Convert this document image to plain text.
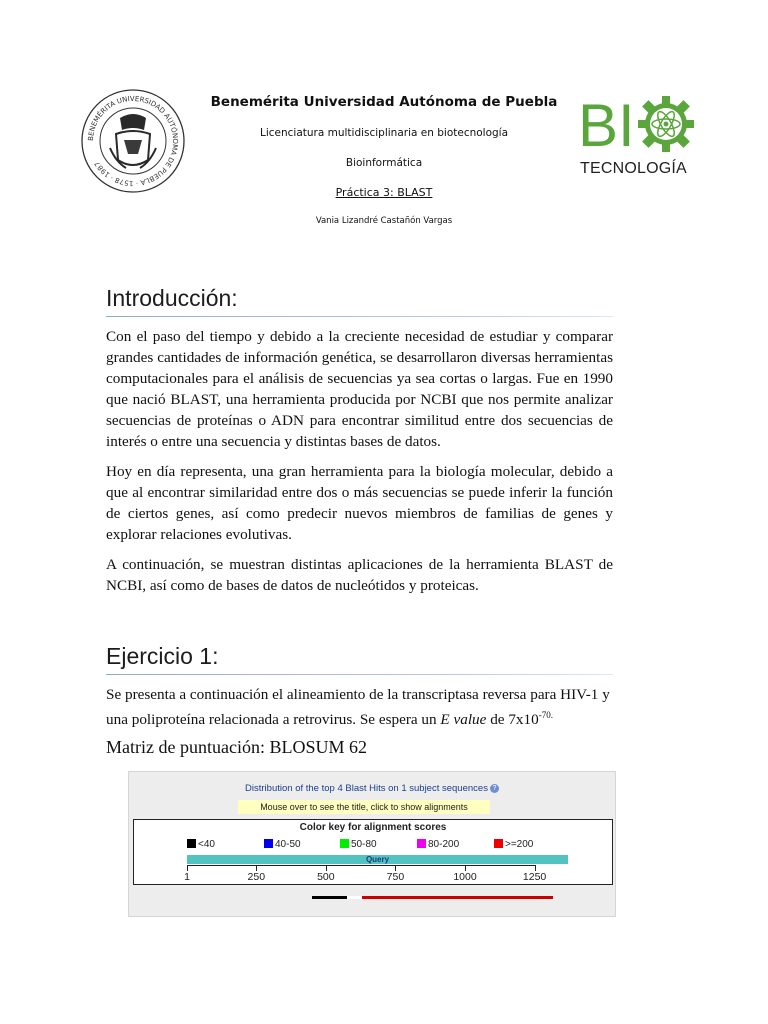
BENEMÉRITA UNIVERSIDAD AUTÓNOMA DE PUEBLA · 1578 · 1987
Benemérita Universidad Autónoma de Puebla
Licenciatura multidisciplinaria en biotecnología
Bioinformática
Práctica 3: BLAST
Vania Lizandré Castañón Vargas
BI
TECNOLOGÍA
Introducción:

Con el paso del tiempo y debido a la creciente necesidad de estudiar y comparar grandes cantidades de información genética, se desarrollaron diversas herramientas computacionales para el análisis de secuencias ya sea cortas o largas. Fue en 1990 que nació BLAST, una herramienta producida por NCBI que nos permite analizar secuencias de proteínas o ADN para encontrar similitud entre dos secuencias de interés o entre una secuencia y distintas bases de datos.

Hoy en día representa, una gran herramienta para la biología molecular, debido a que al encontrar similaridad entre dos o más secuencias se puede inferir la función de ciertos genes, así como predecir nuevos miembros de familias de genes y explorar relaciones evolutivas.

A continuación, se muestran distintas aplicaciones de la herramienta BLAST de NCBI, así como de bases de datos de nucleótidos y proteicas.

Ejercicio 1:

Se presenta a continuación el alineamiento de la transcriptasa reversa para HIV-1 y una poliproteína relacionada a retrovirus. Se espera un E value de $7x10^{-70.}$

Matriz de puntuación: BLOSUM 62
Distribution of the top 4 Blast Hits on 1 subject sequences ?
Mouse over to see the title, click to show alignments
Color key for alignment scores
<40	40-50	50-80	80-200	>=200
Query
1	250	500	750	1000	1250
